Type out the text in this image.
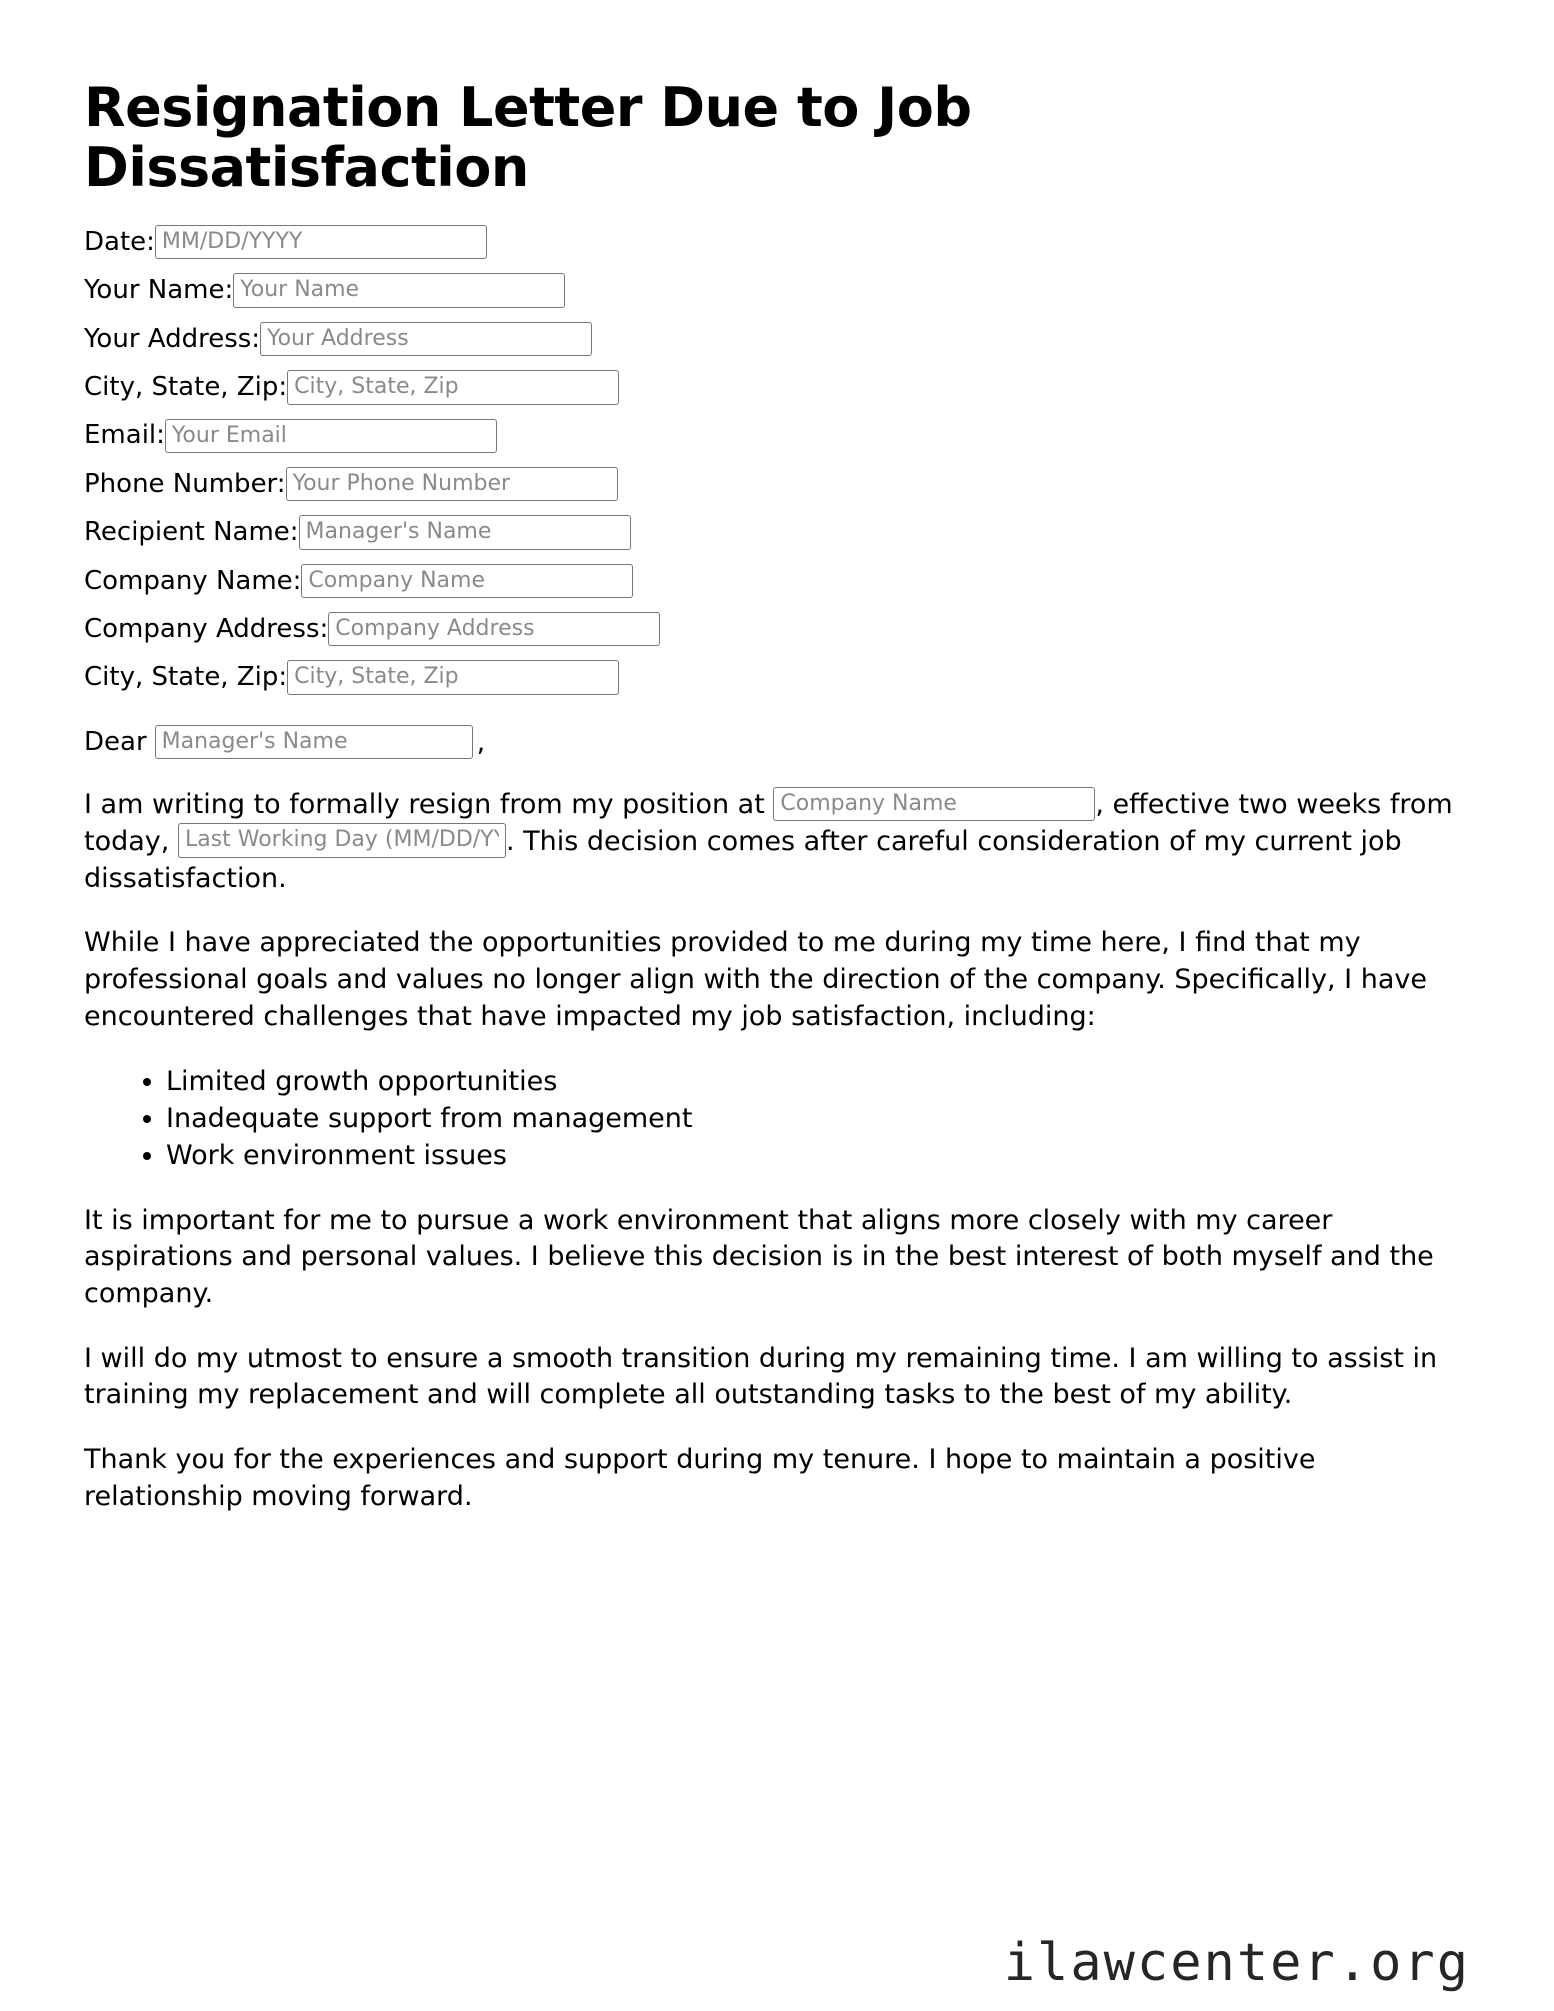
Resignation Letter Due to Job Dissatisfaction
Date:
MM/DD/YYYY
Your Name:
Your Name
Your Address:
Your Address
City, State, Zip:
City, State, Zip
Email:
Your Email
Phone Number:
Your Phone Number
Recipient Name:
Manager's Name
Company Name:
Company Name
Company Address:
Company Address
City, State, Zip:
City, State, Zip
Dear
Manager's Name	,

I am writing to formally resign from my position at Company Name	, effective two weeks from today, Last Working Day (MM/DD/YYYY)	. This decision comes after careful consideration of my current job dissatisfaction.

While I have appreciated the opportunities provided to me during my time here, I find that my professional goals and values no longer align with the direction of the company. Specifically, I have encountered challenges that have impacted my job satisfaction, including:

• Limited growth opportunities
• Inadequate support from management
• Work environment issues

It is important for me to pursue a work environment that aligns more closely with my career aspirations and personal values. I believe this decision is in the best interest of both myself and the company.

I will do my utmost to ensure a smooth transition during my remaining time. I am willing to assist in training my replacement and will complete all outstanding tasks to the best of my ability.

Thank you for the experiences and support during my tenure. I hope to maintain a positive relationship moving forward.

ilawcenter.org
